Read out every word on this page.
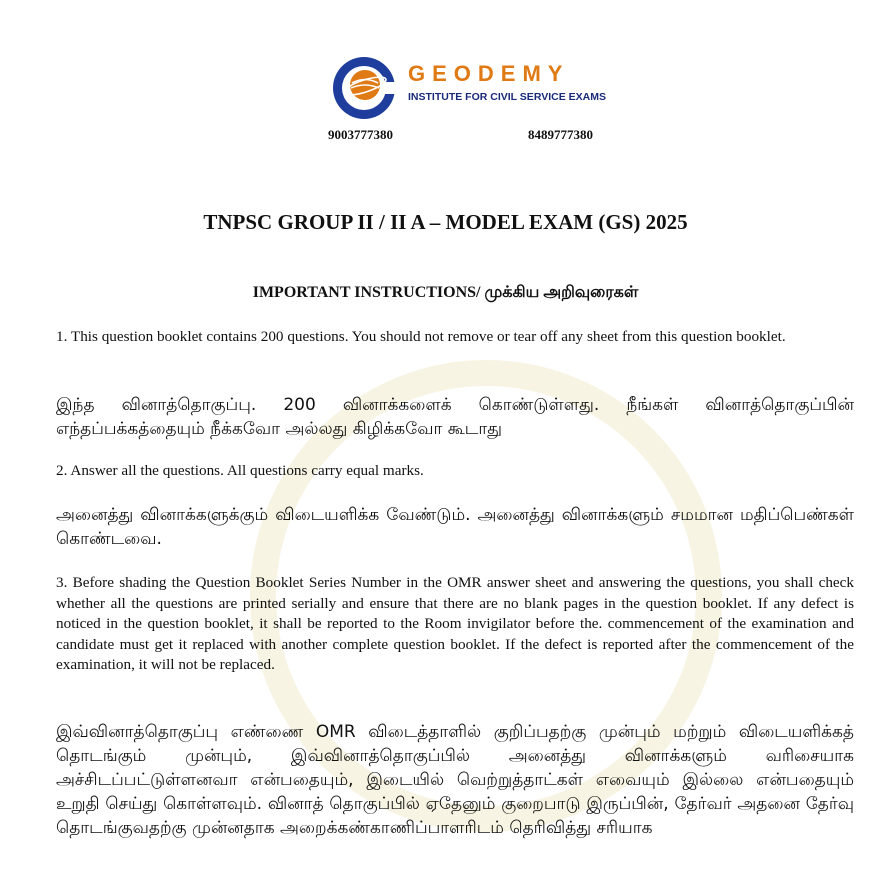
GEODEMY
INSTITUTE FOR CIVIL SERVICE EXAMS
9003777380	8489777380
TNPSC GROUP II / II A – MODEL EXAM (GS) 2025
IMPORTANT INSTRUCTIONS/ முக்கிய அறிவுரைகள்

1. This question booklet contains 200 questions. You should not remove or tear off any sheet from this question booklet.

இந்த வினாத்தொகுப்பு. 200 வினாக்களைக் கொண்டுள்ளது. நீங்கள் வினாத்தொகுப்பின் எந்தப்பக்கத்தையும் நீக்கவோ அல்லது கிழிக்கவோ கூடாது

2. Answer all the questions. All questions carry equal marks.

அனைத்து வினாக்களுக்கும் விடையளிக்க வேண்டும். அனைத்து வினாக்களும் சமமான மதிப்பெண்கள் கொண்டவை.

3. Before shading the Question Booklet Series Number in the OMR answer sheet and answering the questions, you shall check whether all the questions are printed serially and ensure that there are no blank pages in the question booklet. If any defect is noticed in the question booklet, it shall be reported to the Room invigilator before the. commencement of the examination and candidate must get it replaced with another complete question booklet. If the defect is reported after the commencement of the examination, it will not be replaced.

இவ்வினாத்தொகுப்பு எண்ணை OMR விடைத்தாளில் குறிப்பதற்கு முன்பும் மற்றும் விடையளிக்கத் தொடங்கும் முன்பும், இவ்வினாத்தொகுப்பில் அனைத்து வினாக்களும் வரிசையாக அச்சிடப்பட்டுள்ளனவா என்பதையும், இடையில் வெற்றுத்தாட்கள் எவையும் இல்லை என்பதையும் உறுதி செய்து கொள்ளவும். வினாத் தொகுப்பில் ஏதேனும் குறைபாடு இருப்பின், தேர்வர் அதனை தேர்வு தொடங்குவதற்கு முன்னதாக அறைக்கண்காணிப்பாளரிடம் தெரிவித்து சரியாக
